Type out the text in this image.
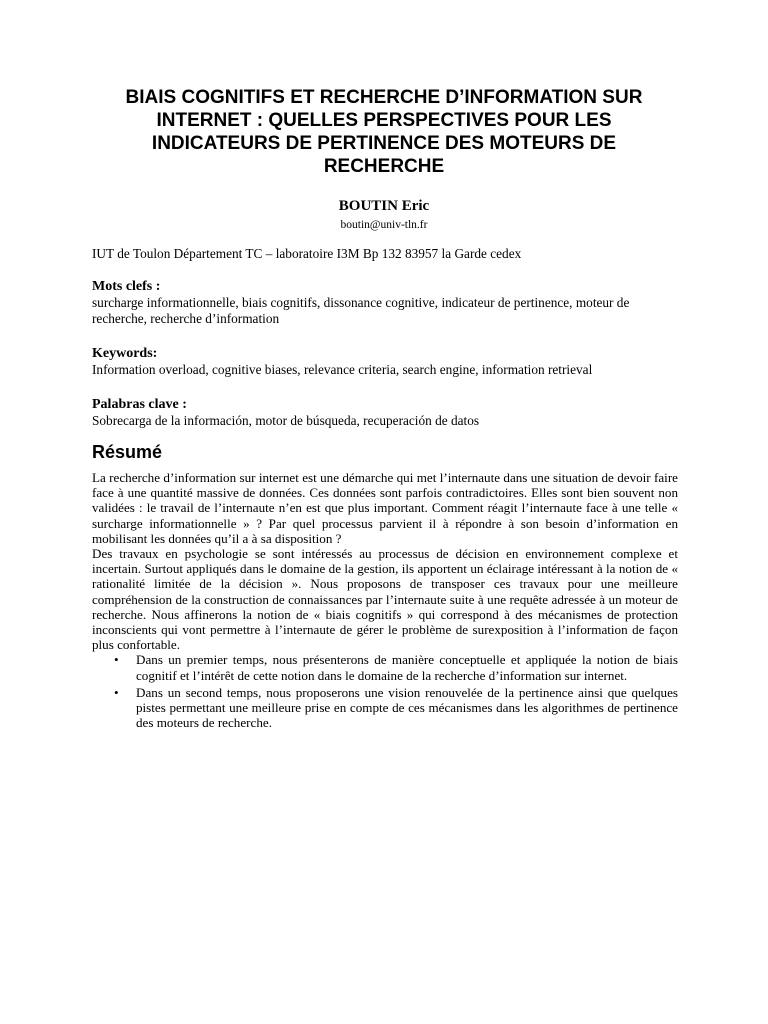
BIAIS COGNITIFS ET RECHERCHE D’INFORMATION SUR INTERNET : QUELLES PERSPECTIVES POUR LES INDICATEURS DE PERTINENCE DES MOTEURS DE RECHERCHE
BOUTIN Eric
boutin@univ-tln.fr
IUT de Toulon Département TC – laboratoire I3M Bp 132 83957 la Garde cedex
Mots clefs :
surcharge informationnelle, biais cognitifs, dissonance cognitive, indicateur de pertinence, moteur de recherche, recherche d’information
Keywords:
Information overload, cognitive biases, relevance criteria, search engine, information retrieval
Palabras clave :
Sobrecarga de la información, motor de búsqueda, recuperación de datos
Résumé

La recherche d’information sur internet est une démarche qui met l’internaute dans une situation de devoir faire face à une quantité massive de données. Ces données sont parfois contradictoires. Elles sont bien souvent non validées : le travail de l’internaute n’en est que plus important. Comment réagit l’internaute face à une telle « surcharge informationnelle » ? Par quel processus parvient il à répondre à son besoin d’information en mobilisant les données qu’il a à sa disposition ?

Des travaux en psychologie se sont intéressés au processus de décision en environnement complexe et incertain. Surtout appliqués dans le domaine de la gestion, ils apportent un éclairage intéressant à la notion de « rationalité limitée de la décision ». Nous proposons de transposer ces travaux pour une meilleure compréhension de la construction de connaissances par l’internaute suite à une requête adressée à un moteur de recherche. Nous affinerons la notion de « biais cognitifs » qui correspond à des mécanismes de protection inconscients qui vont permettre à l’internaute de gérer le problème de surexposition à l’information de façon plus confortable.

• Dans un premier temps, nous présenterons de manière conceptuelle et appliquée la notion de biais cognitif et l’intérêt de cette notion dans le domaine de la recherche d’information sur internet.
• Dans un second temps, nous proposerons une vision renouvelée de la pertinence ainsi que quelques pistes permettant une meilleure prise en compte de ces mécanismes dans les algorithmes de pertinence des moteurs de recherche.
